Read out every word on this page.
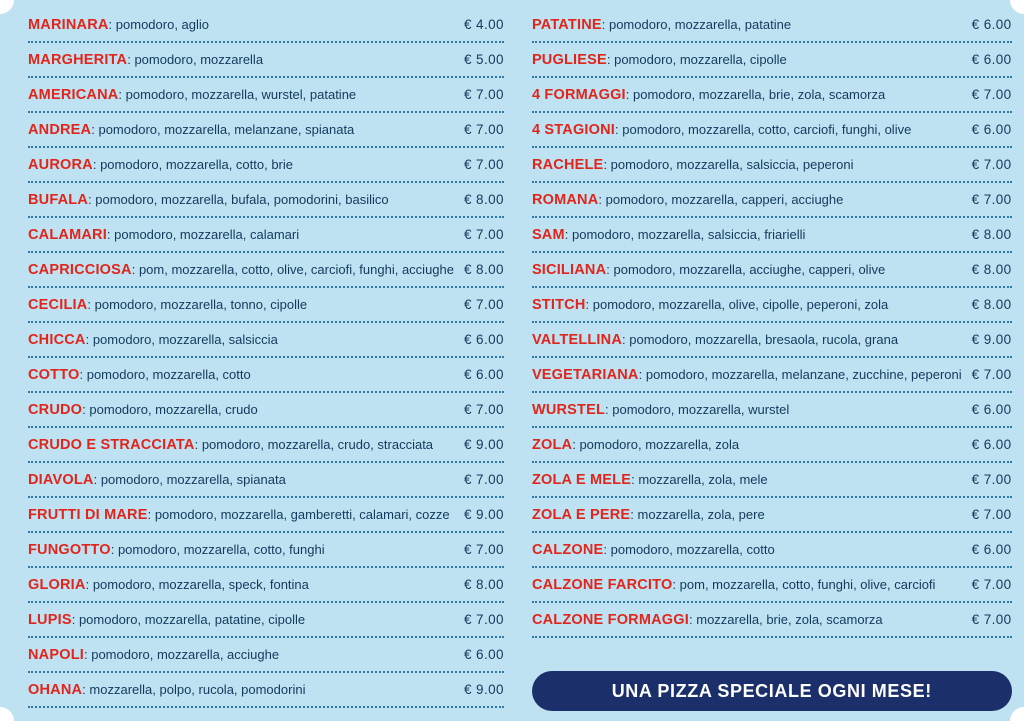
MARINARA: pomodoro, aglio	€ 4.00
MARGHERITA: pomodoro, mozzarella	€ 5.00
AMERICANA: pomodoro, mozzarella, wurstel, patatine	€ 7.00
ANDREA: pomodoro, mozzarella, melanzane, spianata	€ 7.00
AURORA: pomodoro, mozzarella, cotto, brie	€ 7.00
BUFALA: pomodoro, mozzarella, bufala, pomodorini, basilico	€ 8.00
CALAMARI: pomodoro, mozzarella, calamari	€ 7.00
CAPRICCIOSA: pom, mozzarella, cotto, olive, carciofi, funghi, acciughe € 8.00
CECILIA: pomodoro, mozzarella, tonno, cipolle	€ 7.00
CHICCA: pomodoro, mozzarella, salsiccia	€ 6.00
COTTO: pomodoro, mozzarella, cotto	€ 6.00
CRUDO: pomodoro, mozzarella, crudo	€ 7.00
CRUDO E STRACCIATA: pomodoro, mozzarella, crudo, stracciata	€ 9.00
DIAVOLA: pomodoro, mozzarella, spianata	€ 7.00
FRUTTI DI MARE: pomodoro, mozzarella, gamberetti, calamari, cozze	€ 9.00
FUNGOTTO: pomodoro, mozzarella, cotto, funghi	€ 7.00
GLORIA: pomodoro, mozzarella, speck, fontina	€ 8.00
LUPIS: pomodoro, mozzarella, patatine, cipolle	€ 7.00
NAPOLI: pomodoro, mozzarella, acciughe	€ 6.00
OHANA: mozzarella, polpo, rucola, pomodorini	€ 9.00
PATATINE: pomodoro, mozzarella, patatine	€ 6.00
PUGLIESE: pomodoro, mozzarella, cipolle	€ 6.00
4 FORMAGGI: pomodoro, mozzarella, brie, zola, scamorza	€ 7.00
4 STAGIONI: pomodoro, mozzarella, cotto, carciofi, funghi, olive	€ 6.00
RACHELE: pomodoro, mozzarella, salsiccia, peperoni	€ 7.00
ROMANA: pomodoro, mozzarella, capperi, acciughe	€ 7.00
SAM: pomodoro, mozzarella, salsiccia, friarielli	€ 8.00
SICILIANA: pomodoro, mozzarella, acciughe, capperi, olive	€ 8.00
STITCH: pomodoro, mozzarella, olive, cipolle, peperoni, zola	€ 8.00
VALTELLINA: pomodoro, mozzarella, bresaola, rucola, grana	€ 9.00
VEGETARIANA: pomodoro, mozzarella, melanzane, zucchine, peperoni € 7.00
WURSTEL: pomodoro, mozzarella, wurstel	€ 6.00
ZOLA: pomodoro, mozzarella, zola	€ 6.00
ZOLA E MELE: mozzarella, zola, mele	€ 7.00
ZOLA E PERE: mozzarella, zola, pere	€ 7.00
CALZONE: pomodoro, mozzarella, cotto	€ 6.00
CALZONE FARCITO: pom, mozzarella, cotto, funghi, olive, carciofi	€ 7.00
CALZONE FORMAGGI: mozzarella, brie, zola, scamorza	€ 7.00
UNA PIZZA SPECIALE OGNI MESE!
